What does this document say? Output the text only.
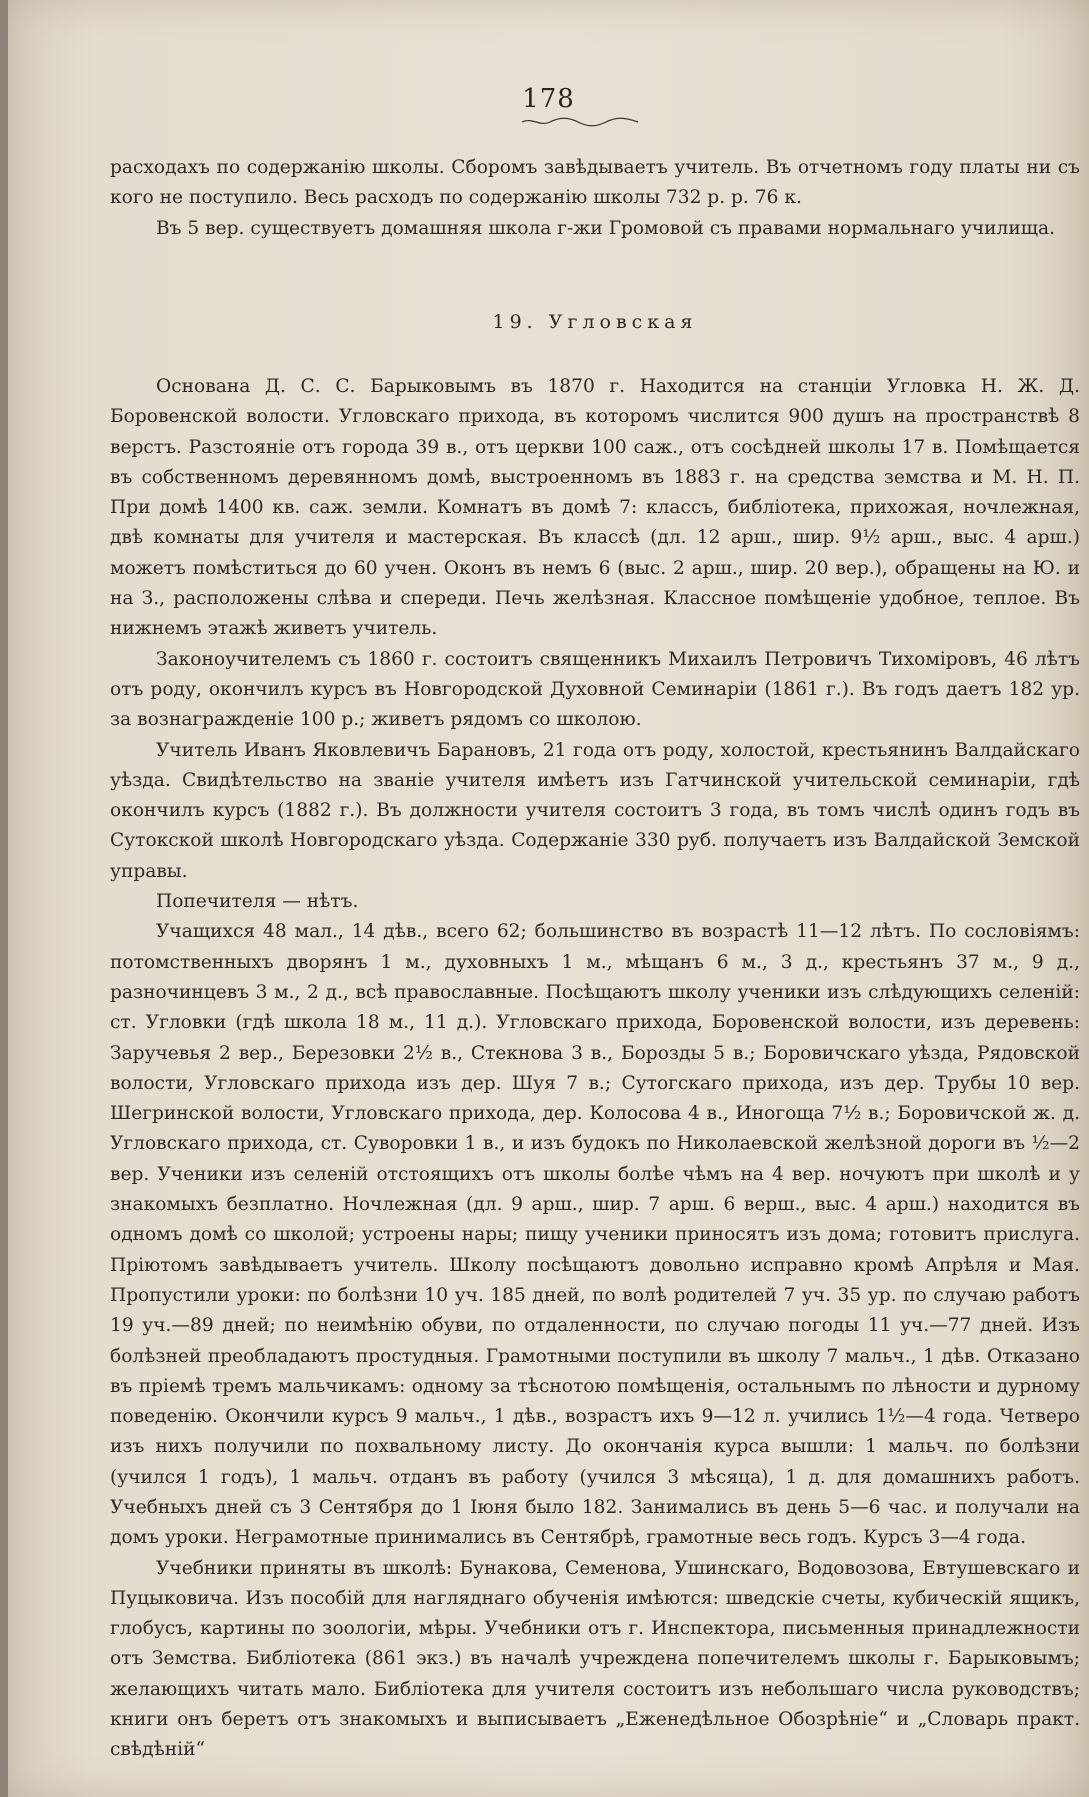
178

расходахъ по содержанію школы. Сборомъ завѣдываетъ учитель. Въ отчетномъ году платы ни съ кого не поступило. Весь расходъ по содержанію школы 732 р. р. 76 к.

Въ 5 вер. существуетъ домашняя школа г-жи Громовой съ правами нормальнаго училища.

19. Угловская

Основана Д. С. С. Барыковымъ въ 1870 г. Находится на станціи Угловка Н. Ж. Д. Боровенской волости. Угловскаго прихода, въ которомъ числится 900 душъ на пространствѣ 8 верстъ. Разстояніе отъ города 39 в., отъ церкви 100 саж., отъ сосѣдней школы 17 в. Помѣщается въ собственномъ деревянномъ домѣ, выстроенномъ въ 1883 г. на средства земства и М. Н. П. При домѣ 1400 кв. саж. земли. Комнатъ въ домѣ 7: классъ, библіотека, прихожая, ночлежная, двѣ комнаты для учителя и мастерская. Въ классѣ (дл. 12 арш., шир. 9½ арш., выс. 4 арш.) можетъ помѣститься до 60 учен. Оконъ въ немъ 6 (выс. 2 арш., шир. 20 вер.), обращены на Ю. и на З., расположены слѣва и спереди. Печь желѣзная. Классное помѣщеніе удобное, теплое. Въ нижнемъ этажѣ живетъ учитель.

Законоучителемъ съ 1860 г. состоитъ священникъ Михаилъ Петровичъ Тихоміровъ, 46 лѣтъ отъ роду, окончилъ курсъ въ Новгородской Духовной Семинаріи (1861 г.). Въ годъ даетъ 182 ур. за вознагражденіе 100 р.; живетъ рядомъ со школою.

Учитель Иванъ Яковлевичъ Барановъ, 21 года отъ роду, холостой, крестьянинъ Валдайскаго уѣзда. Свидѣтельство на званіе учителя имѣетъ изъ Гатчинской учительской семинаріи, гдѣ окончилъ курсъ (1882 г.). Въ должности учителя состоитъ 3 года, въ томъ числѣ одинъ годъ въ Сутокской школѣ Новгородскаго уѣзда. Содержаніе 330 руб. получаетъ изъ Валдайской Земской управы.

Попечителя — нѣтъ.

Учащихся 48 мал., 14 дѣв., всего 62; большинство въ возрастѣ 11—12 лѣтъ. По сословіямъ: потомственныхъ дворянъ 1 м., духовныхъ 1 м., мѣщанъ 6 м., 3 д., крестьянъ 37 м., 9 д., разночинцевъ 3 м., 2 д., всѣ православные. Посѣщаютъ школу ученики изъ слѣдующихъ селеній: ст. Угловки (гдѣ школа 18 м., 11 д.). Угловскаго прихода, Боровенской волости, изъ деревень: Заручевья 2 вер., Березовки 2½ в., Стекнова 3 в., Борозды 5 в.; Боровичскаго уѣзда, Рядовской волости, Угловскаго прихода изъ дер. Шуя 7 в.; Сутогскаго прихода, изъ дер. Трубы 10 вер. Шегринской волости, Угловскаго прихода, дер. Колосова 4 в., Иногоща 7½ в.; Боровичской ж. д. Угловскаго прихода, ст. Суворовки 1 в., и изъ будокъ по Николаевской желѣзной дороги въ ½—2 вер. Ученики изъ селеній отстоящихъ отъ школы болѣе чѣмъ на 4 вер. ночуютъ при школѣ и у знакомыхъ безплатно. Ночлежная (дл. 9 арш., шир. 7 арш. 6 верш., выс. 4 арш.) находится въ одномъ домѣ со школой; устроены нары; пищу ученики приносятъ изъ дома; готовитъ прислуга. Пріютомъ завѣдываетъ учитель. Школу посѣщаютъ довольно исправно кромѣ Апрѣля и Мая. Пропустили уроки: по болѣзни 10 уч. 185 дней, по волѣ родителей 7 уч. 35 ур. по случаю работъ 19 уч.—89 дней; по неимѣнію обуви, по отдаленности, по случаю погоды 11 уч.—77 дней. Изъ болѣзней преобладаютъ простудныя. Грамотными поступили въ школу 7 мальч., 1 дѣв. Отказано въ пріемѣ тремъ мальчикамъ: одному за тѣснотою помѣщенія, остальнымъ по лѣности и дурному поведенію. Окончили курсъ 9 мальч., 1 дѣв., возрастъ ихъ 9—12 л. учились 1½—4 года. Четверо изъ нихъ получили по похвальному листу. До окончанія курса вышли: 1 мальч. по болѣзни (учился 1 годъ), 1 мальч. отданъ въ работу (учился 3 мѣсяца), 1 д. для домашнихъ работъ. Учебныхъ дней съ 3 Сентября до 1 Іюня было 182. Занимались въ день 5—6 час. и получали на домъ уроки. Неграмотные принимались въ Сентябрѣ, грамотные весь годъ. Курсъ 3—4 года.

Учебники приняты въ школѣ: Бунакова, Семенова, Ушинскаго, Водовозова, Евтушевскаго и Пуцыковича. Изъ пособій для нагляднаго обученія имѣются: шведскіе счеты, кубическій ящикъ, глобусъ, картины по зоологіи, мѣры. Учебники отъ г. Инспектора, письменныя принадлежности отъ Земства. Библіотека (861 экз.) въ началѣ учреждена попечителемъ школы г. Барыковымъ; желающихъ читать мало. Библіотека для учителя состоитъ изъ небольшаго числа руководствъ; книги онъ беретъ отъ знакомыхъ и выписываетъ „Еженедѣльное Обозрѣніе“ и „Словарь практ. свѣдѣній“
